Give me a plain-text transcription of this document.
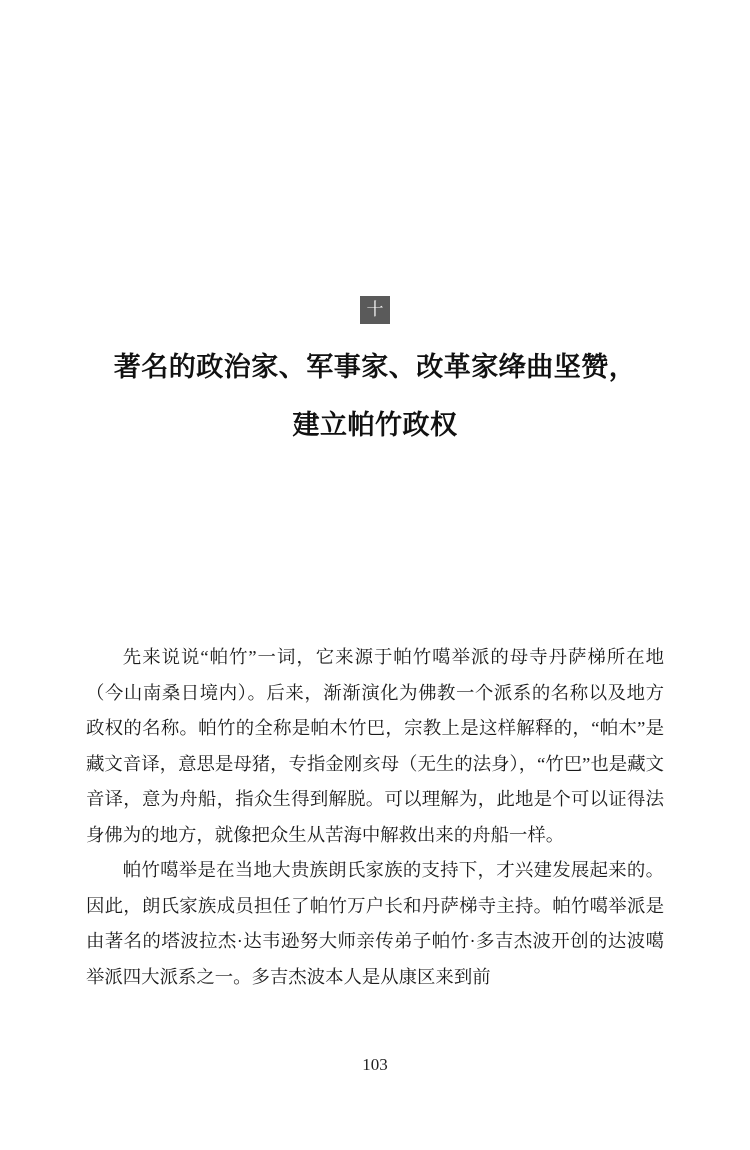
十
著名的政治家、军事家、改革家绛曲坚赞，
建立帕竹政权

先来说说“帕竹”一词，它来源于帕竹噶举派的母寺丹萨梯所在地（今山南桑日境内）。后来，渐渐演化为佛教一个派系的名称以及地方政权的名称。帕竹的全称是帕木竹巴，宗教上是这样解释的，“帕木”是藏文音译，意思是母猪，专指金刚亥母（无生的法身），“竹巴”也是藏文音译，意为舟船，指众生得到解脱。可以理解为，此地是个可以证得法身佛为的地方，就像把众生从苦海中解救出来的舟船一样。

帕竹噶举是在当地大贵族朗氏家族的支持下，才兴建发展起来的。因此，朗氏家族成员担任了帕竹万户长和丹萨梯寺主持。帕竹噶举派是由著名的塔波拉杰·达韦逊努大师亲传弟子帕竹·多吉杰波开创的达波噶举派四大派系之一。多吉杰波本人是从康区来到前

103
